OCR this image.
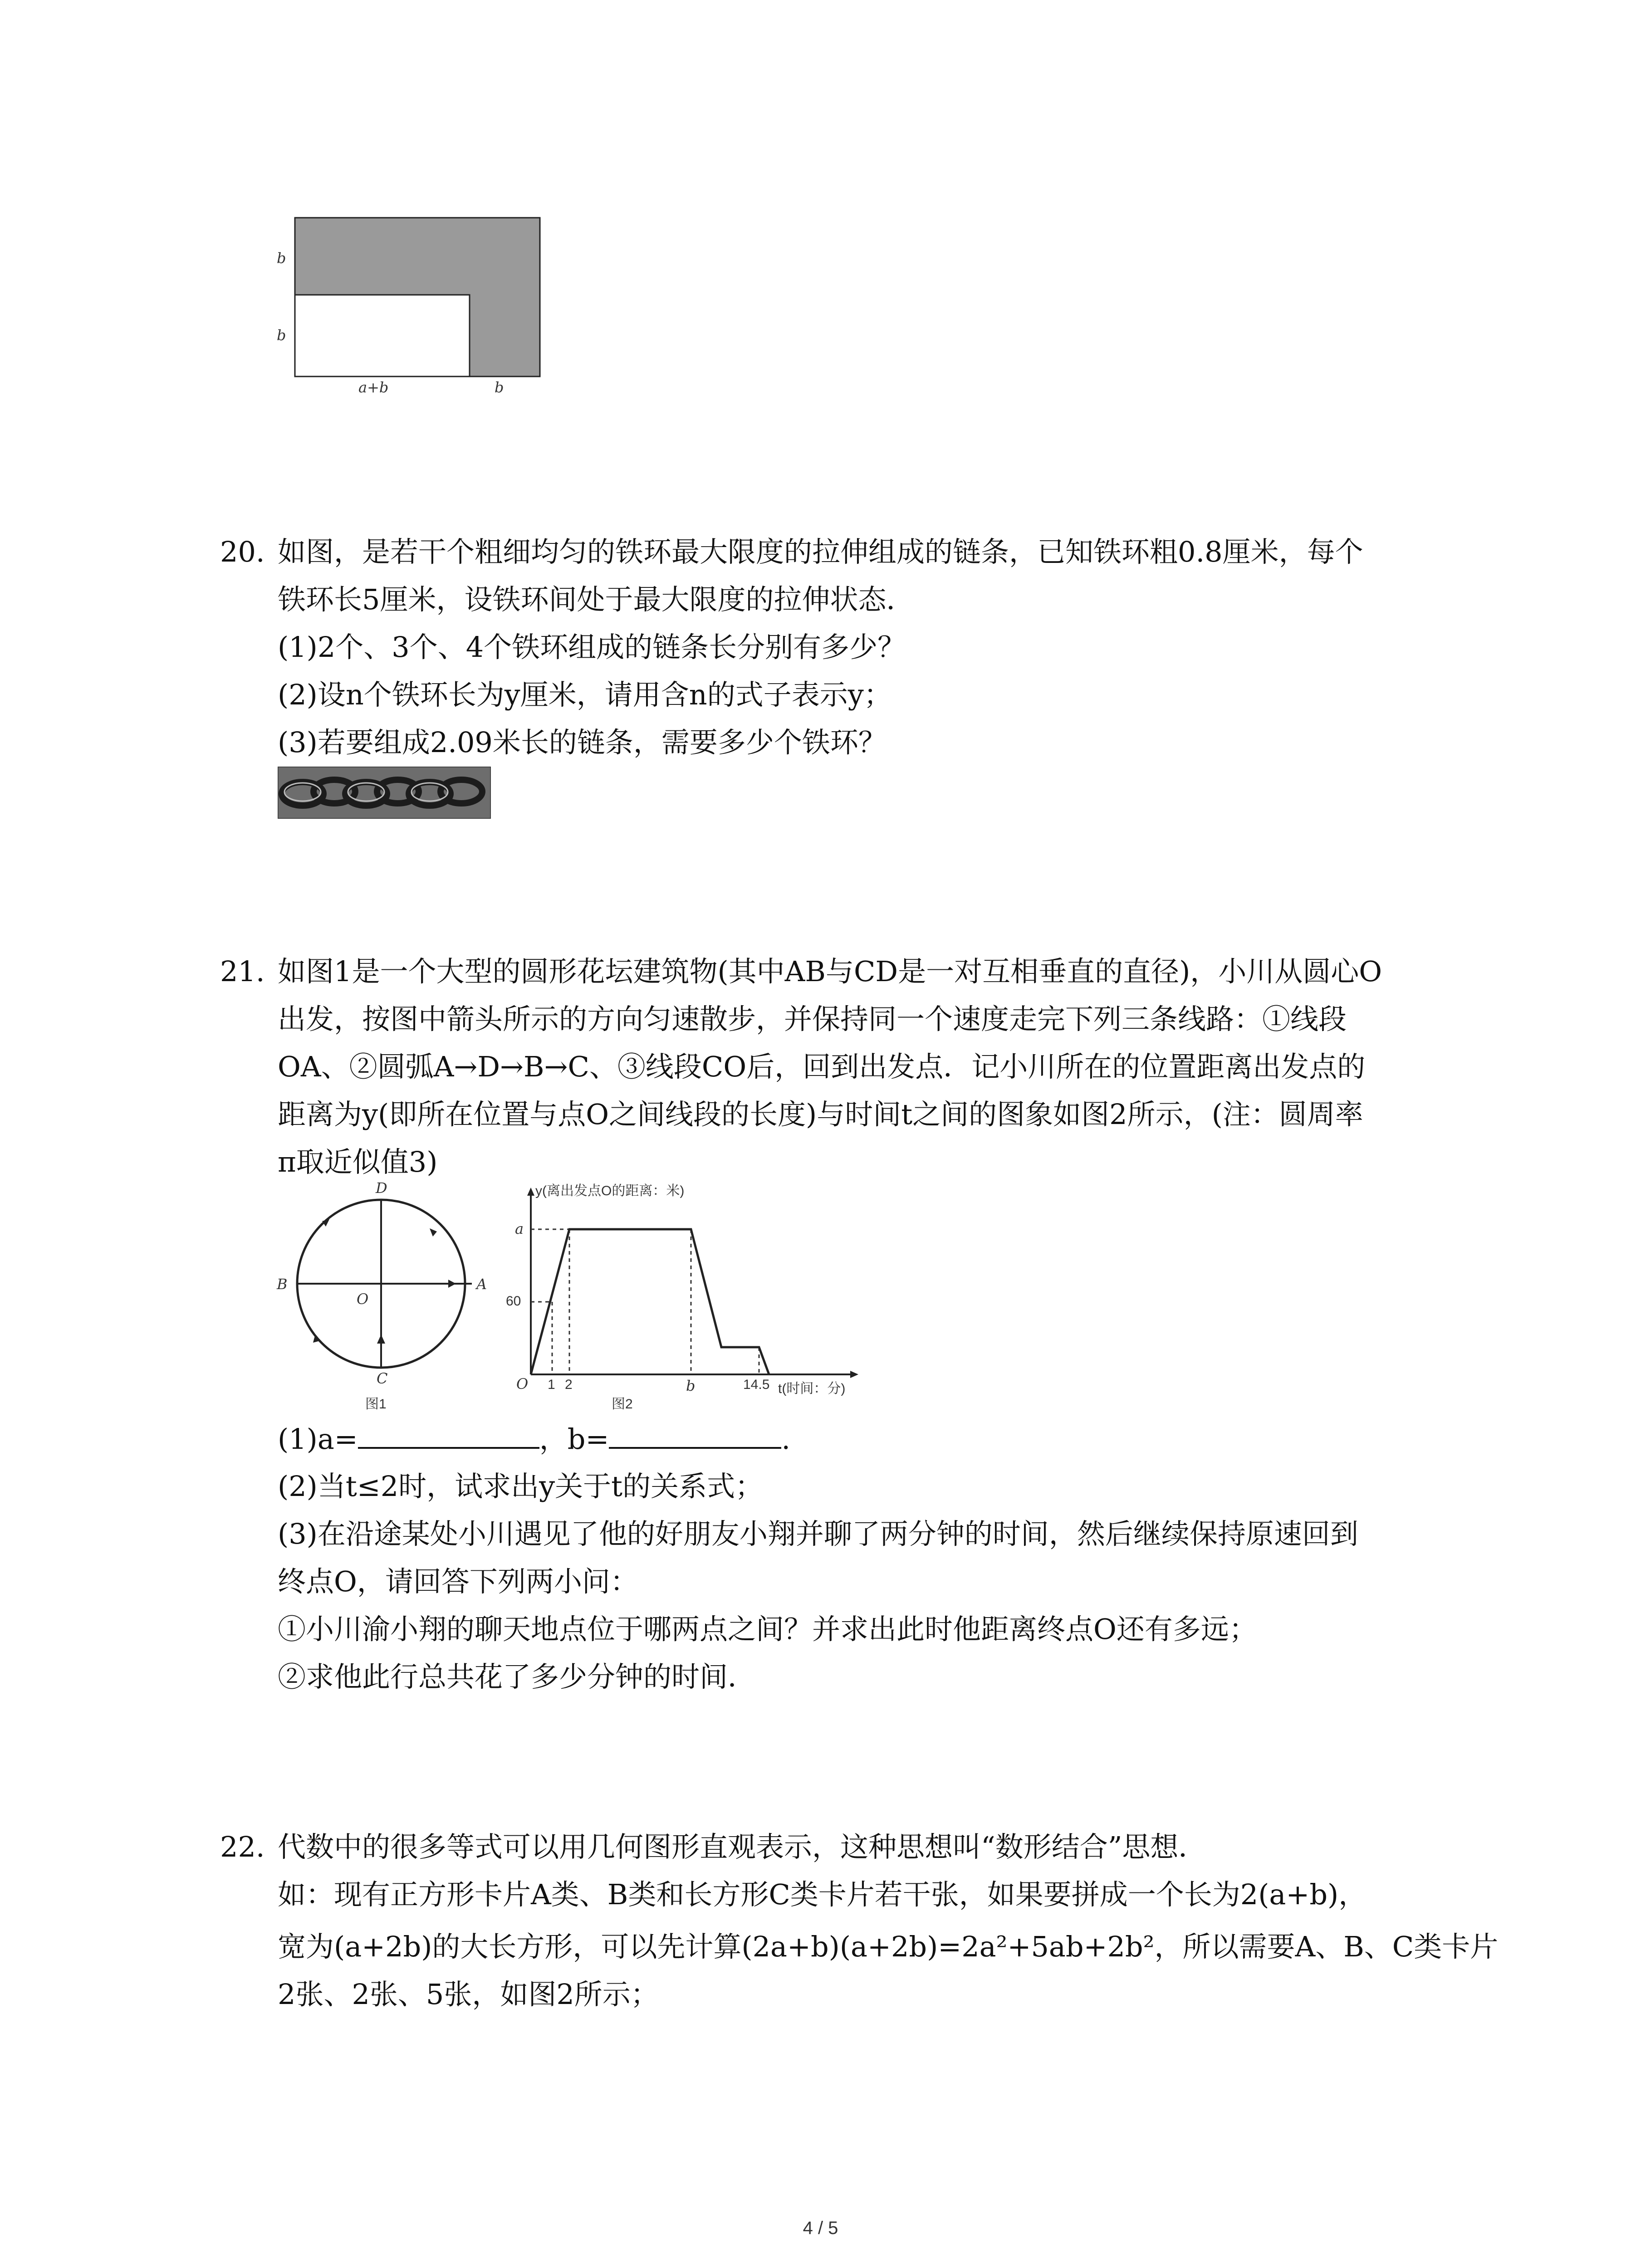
b
b
a+b	b
20. 如图，是若干个粗细均匀的铁环最大限度的拉伸组成的链条，已知铁环粗0.8厘米，每个
铁环长5厘米，设铁环间处于最大限度的拉伸状态．
(1)2个、3个、4个铁环组成的链条长分别有多少？
(2)设n个铁环长为y厘米，请用含n的式子表示y；
(3)若要组成2.09米长的链条，需要多少个铁环？
21. 如图1是一个大型的圆形花坛建筑物(其中AB与CD是一对互相垂直的直径)，小川从圆心O
出发，按图中箭头所示的方向匀速散步，并保持同一个速度走完下列三条线路：①线段
OA、②圆弧A→D→B→C、③线段CO后，回到出发点．记小川所在的位置距离出发点的
距离为y(即所在位置与点O之间线段的长度)与时间t之间的图象如图2所示，(注：圆周率
π取近似值3)
D
B
O
A
C
图1
y(离出发点O的距离：米)
a
60
O 1 2	b	14.5 t(时间：分)
图2
(1)a=	，b=	.
(2)当t≤2时，试求出y关于t的关系式；
(3)在沿途某处小川遇见了他的好朋友小翔并聊了两分钟的时间，然后继续保持原速回到
终点O，请回答下列两小问：
①小川渝小翔的聊天地点位于哪两点之间？并求出此时他距离终点O还有多远；
②求他此行总共花了多少分钟的时间．
22. 代数中的很多等式可以用几何图形直观表示，这种思想叫“数形结合”思想．
如：现有正方形卡片A类、B类和长方形C类卡片若干张，如果要拼成一个长为2(a+b)，
宽为(a+2b)的大长方形，可以先计算(2a+b)(a+2b)=2a²+5ab+2b²，所以需要A、B、C类卡片
2张、2张、5张，如图2所示；
4 / 5
